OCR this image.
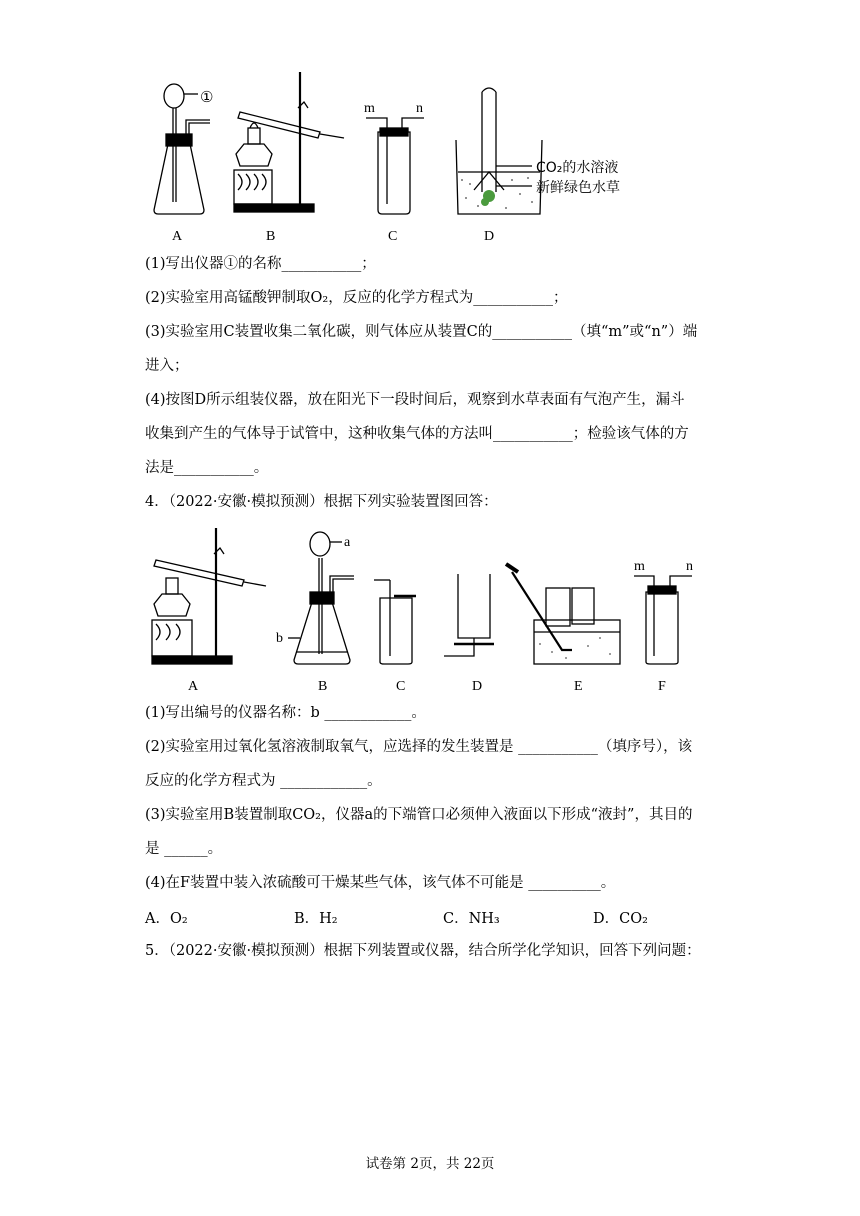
A	B	C	D
①
m	n
CO₂的水溶液
新鲜绿色水草
(1)写出仪器①的名称___________；
(2)实验室用高锰酸钾制取O₂，反应的化学方程式为___________；
(3)实验室用C装置收集二氧化碳，则气体应从装置C的___________（填“m”或“n”）端
进入；
(4)按图D所示组装仪器，放在阳光下一段时间后，观察到水草表面有气泡产生，漏斗
收集到产生的气体导于试管中，这种收集气体的方法叫___________；检验该气体的方
法是___________。
4．（2022·安徽·模拟预测）根据下列实验装置图回答：
A	B	C	D	E	F
a
b
m	n
(1)写出编号的仪器名称：b ____________。
(2)实验室用过氧化氢溶液制取氧气，应选择的发生装置是 ___________（填序号），该
反应的化学方程式为 ____________。
(3)实验室用B装置制取CO₂，仪器a的下端管口必须伸入液面以下形成“液封”，其目的
是 ______。
(4)在F装置中装入浓硫酸可干燥某些气体，该气体不可能是 __________。
A．O₂	B．H₂	C．NH₃	D．CO₂
5．（2022·安徽·模拟预测）根据下列装置或仪器，结合所学化学知识，回答下列问题：
试卷第 2页，共 22页
